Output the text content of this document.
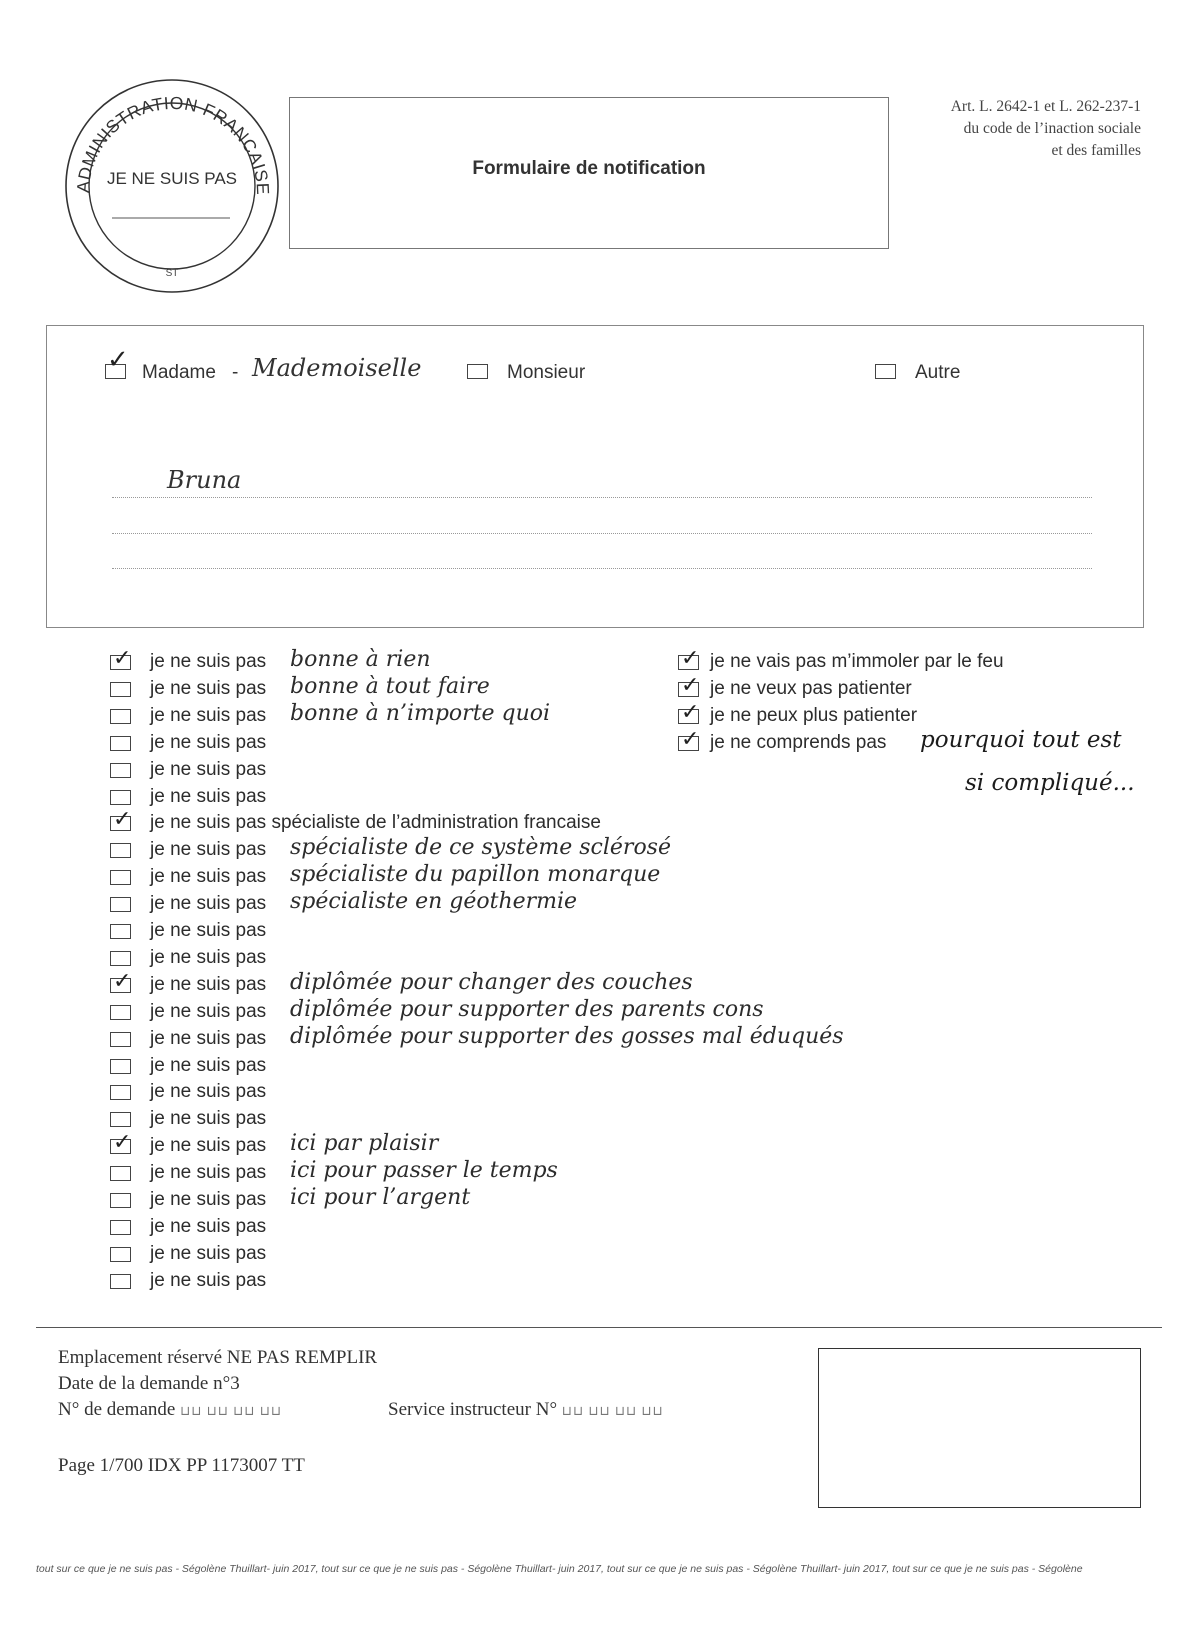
ADMINISTRATION FRANCAISE
JE NE SUIS PAS
ST
Formulaire de notification
Art. L. 2642-1 et L. 262-237-1
du code de l’inaction sociale
et des familles
✓ Madame - Mademoiselle	Monsieur	Autre
Bruna
✓ je ne suis pas bonne à rien
je ne suis pas bonne à tout faire
je ne suis pas bonne à n’importe quoi
je ne suis pas
je ne suis pas
je ne suis pas
✓ je ne suis pas spécialiste de l’administration francaise
je ne suis pas spécialiste de ce système sclérosé
je ne suis pas spécialiste du papillon monarque
je ne suis pas spécialiste en géothermie
je ne suis pas
je ne suis pas
✓ je ne suis pas diplômée pour changer des couches
je ne suis pas diplômée pour supporter des parents cons
je ne suis pas diplômée pour supporter des gosses mal éduqués
je ne suis pas
je ne suis pas
je ne suis pas
✓ je ne suis pas ici par plaisir
je ne suis pas ici pour passer le temps
je ne suis pas ici pour l’argent
je ne suis pas
je ne suis pas
je ne suis pas
✓ je ne vais pas m’immoler par le feu
✓ je ne veux pas patienter
✓ je ne peux plus patienter
✓ je ne comprends pas pourquoi tout est
si compliqué...
Emplacement réservé NE PAS REMPLIR
Date de la demande n°3
N° de demande ⊔⊔ ⊔⊔ ⊔⊔ ⊔⊔	Service instructeur N° ⊔⊔ ⊔⊔ ⊔⊔ ⊔⊔
Page 1/700 IDX PP 1173007 TT
tout sur ce que je ne suis pas - Ségolène Thuillart- juin 2017, tout sur ce que je ne suis pas - Ségolène Thuillart- juin 2017, tout sur ce que je ne suis pas - Ségolène Thuillart- juin 2017, tout sur ce que je ne suis pas - Ségolène
